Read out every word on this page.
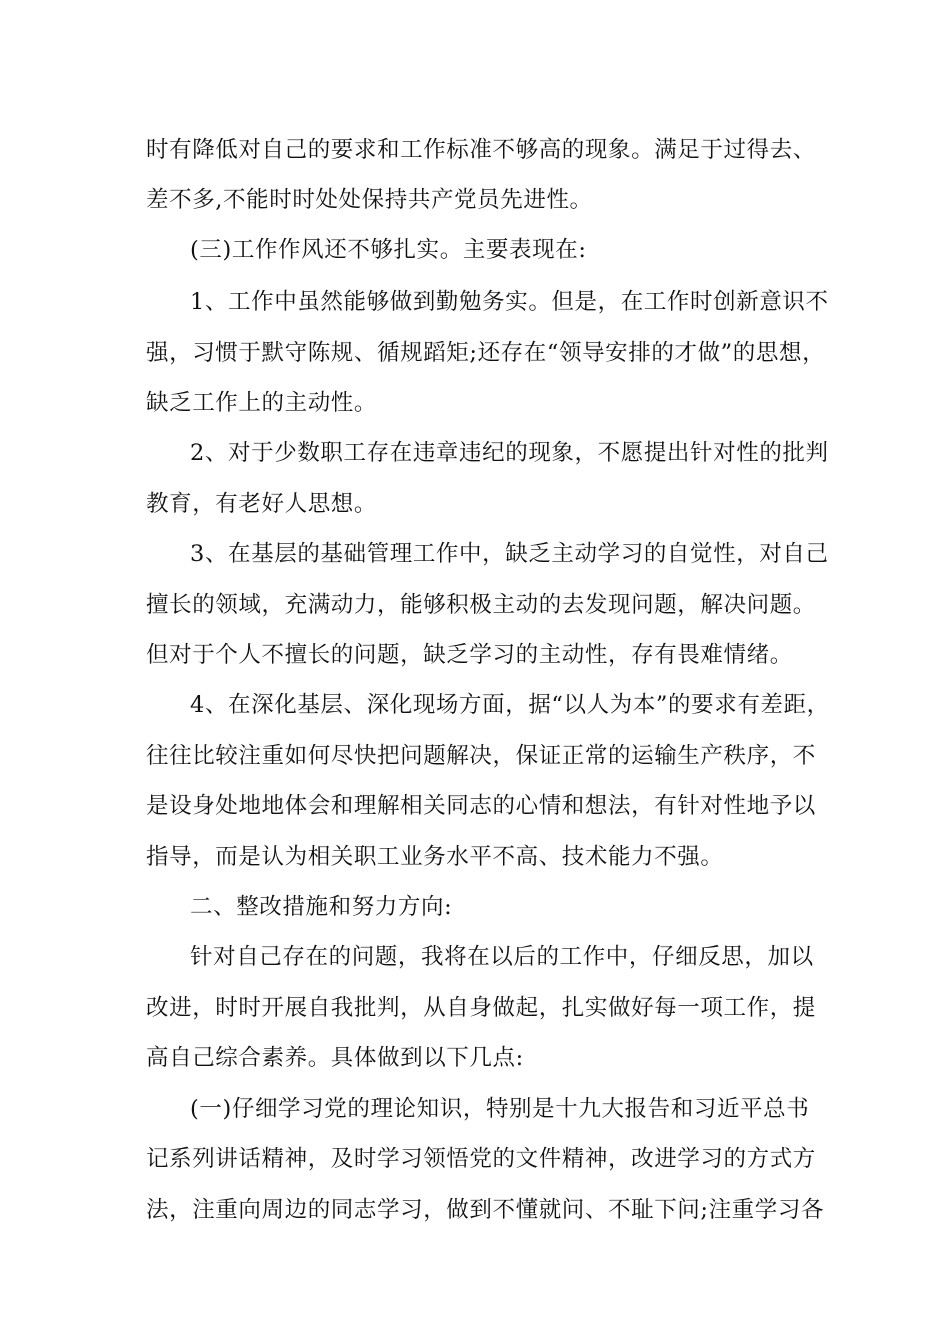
时有降低对自己的要求和工作标准不够高的现象。满足于过得去、
差不多,不能时时处处保持共产党员先进性。
(三)工作作风还不够扎实。主要表现在:
1、工作中虽然能够做到勤勉务实。但是，在工作时创新意识不
强，习惯于默守陈规、循规蹈矩;还存在“领导安排的才做”的思想，
缺乏工作上的主动性。
2、对于少数职工存在违章违纪的现象，不愿提出针对性的批判
教育，有老好人思想。
3、在基层的基础管理工作中，缺乏主动学习的自觉性，对自己
擅长的领域，充满动力，能够积极主动的去发现问题，解决问题。
但对于个人不擅长的问题，缺乏学习的主动性，存有畏难情绪。
4、在深化基层、深化现场方面，据“以人为本”的要求有差距，
往往比较注重如何尽快把问题解决，保证正常的运输生产秩序，不
是设身处地地体会和理解相关同志的心情和想法，有针对性地予以
指导，而是认为相关职工业务水平不高、技术能力不强。
二、整改措施和努力方向:
针对自己存在的问题，我将在以后的工作中，仔细反思，加以
改进，时时开展自我批判，从自身做起，扎实做好每一项工作，提
高自己综合素养。具体做到以下几点:
(一)仔细学习党的理论知识，特别是十九大报告和习近平总书
记系列讲话精神，及时学习领悟党的文件精神，改进学习的方式方
法，注重向周边的同志学习，做到不懂就问、不耻下问;注重学习各
